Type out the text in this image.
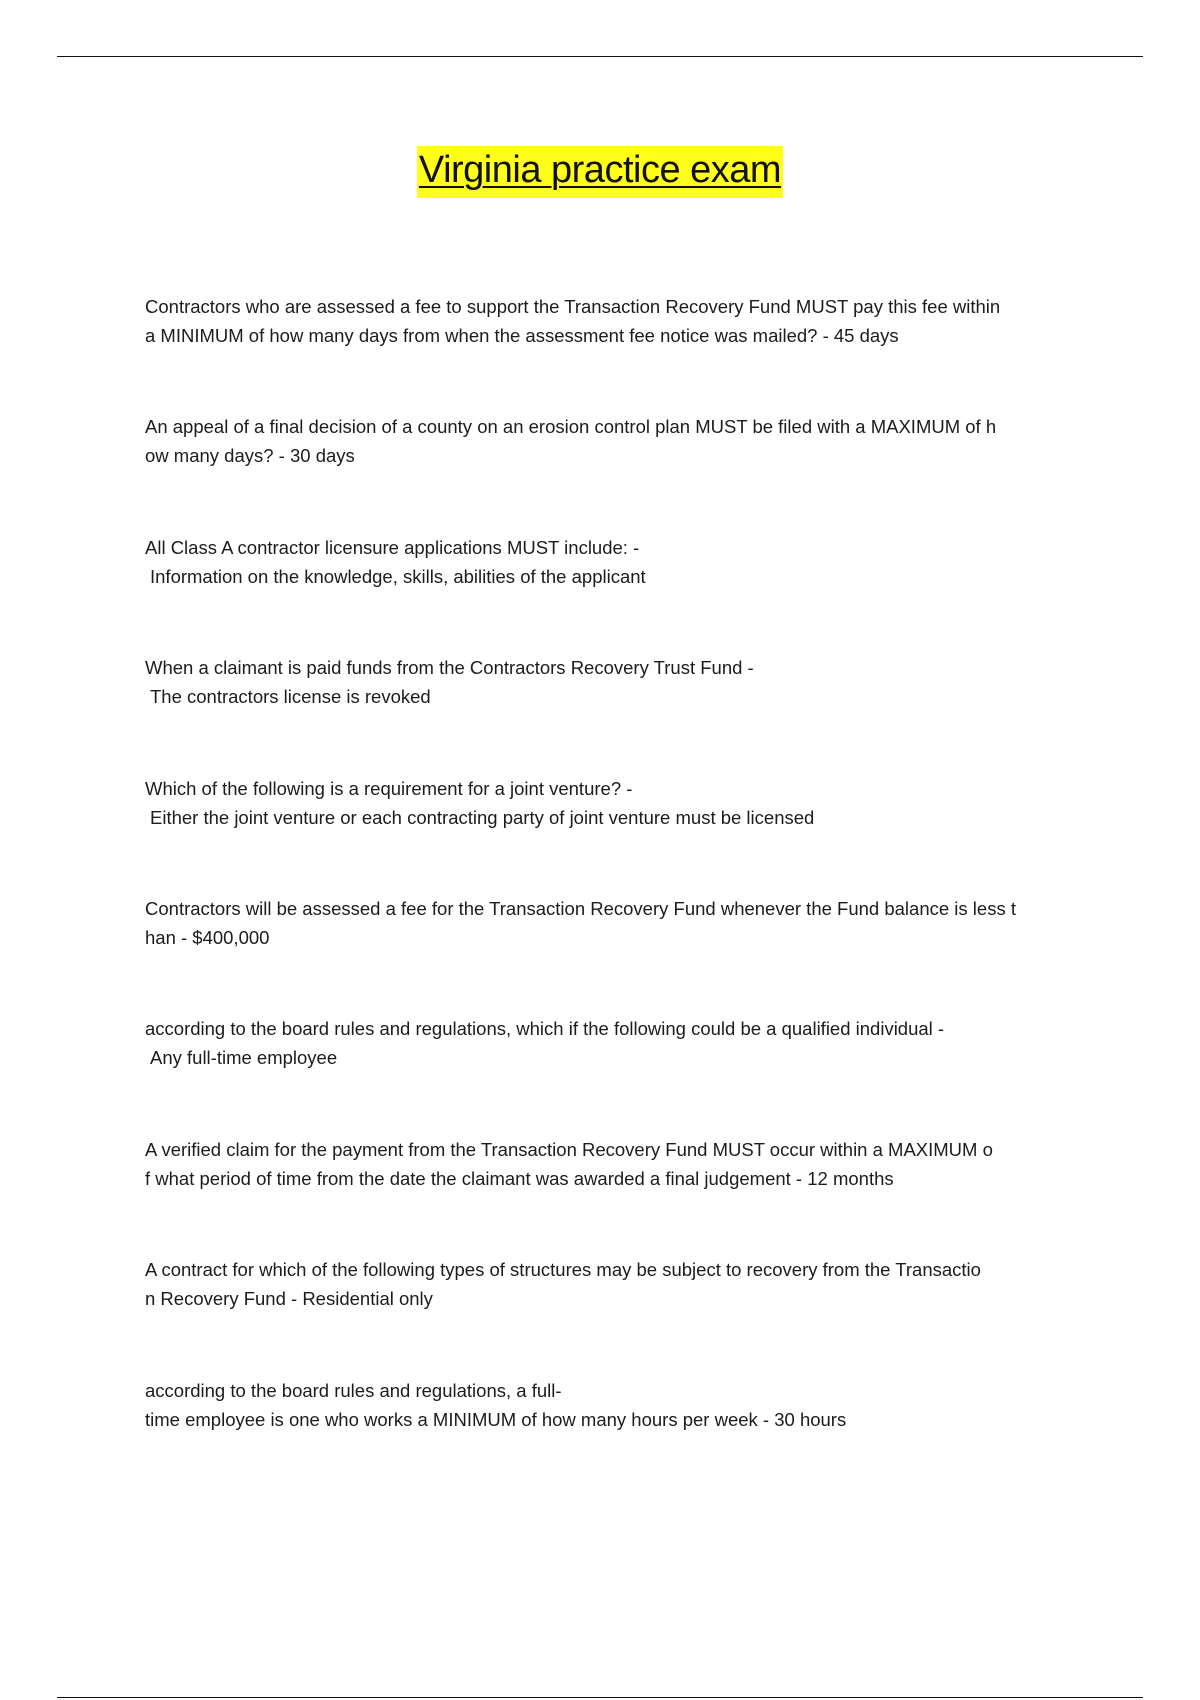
Virginia practice exam
Contractors who are assessed a fee to support the Transaction Recovery Fund MUST pay this fee within
a MINIMUM of how many days from when the assessment fee notice was mailed? - 45 days
An appeal of a final decision of a county on an erosion control plan MUST be filed with a MAXIMUM of h
ow many days? - 30 days
All Class A contractor licensure applications MUST include: -
Information on the knowledge, skills, abilities of the applicant
When a claimant is paid funds from the Contractors Recovery Trust Fund -
The contractors license is revoked
Which of the following is a requirement for a joint venture? -
Either the joint venture or each contracting party of joint venture must be licensed
Contractors will be assessed a fee for the Transaction Recovery Fund whenever the Fund balance is less t
han - $400,000
according to the board rules and regulations, which if the following could be a qualified individual -
Any full-time employee
A verified claim for the payment from the Transaction Recovery Fund MUST occur within a MAXIMUM o
f what period of time from the date the claimant was awarded a final judgement - 12 months
A contract for which of the following types of structures may be subject to recovery from the Transactio
n Recovery Fund - Residential only
according to the board rules and regulations, a full-
time employee is one who works a MINIMUM of how many hours per week - 30 hours
